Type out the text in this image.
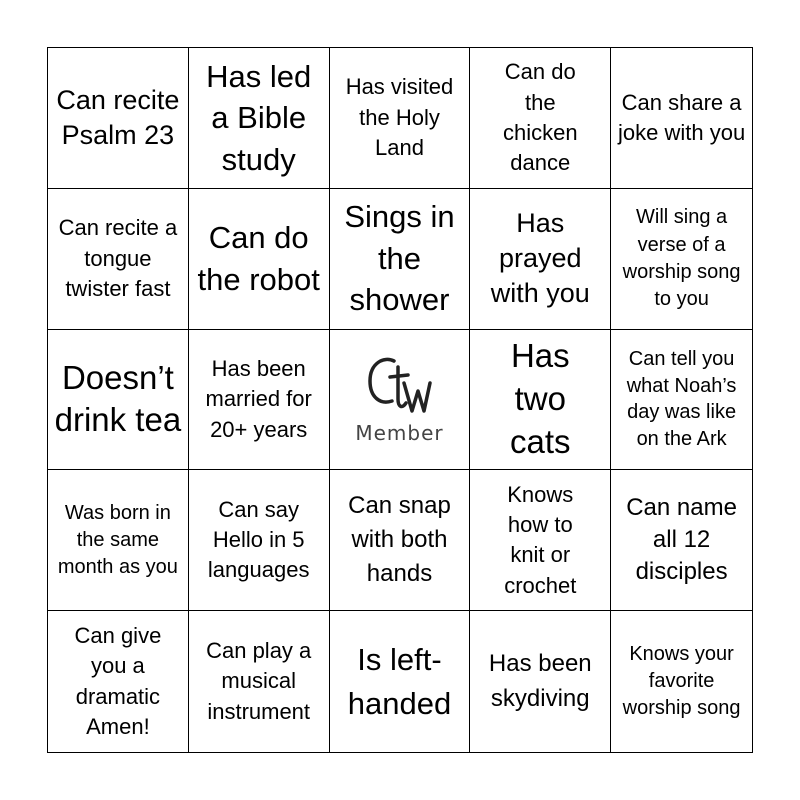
Can recite Psalm 23
Has led a Bible study
Has visited the Holy Land
Can do the chicken dance
Can share a joke with you
Can recite a tongue twister fast
Can do the robot
Sings in the shower
Has prayed with you
Will sing a verse of a worship song to you
Doesn’t drink tea
Has been married for 20+ years	Member
Has two cats
Can tell you what Noah’s day was like on the Ark
Was born in the same month as you
Can say Hello in 5 languages
Can snap with both hands
Knows how to knit or crochet
Can name all 12 disciples
Can give you a dramatic Amen!
Can play a musical instrument
Is left-handed
Has been skydiving
Knows your favorite worship song
